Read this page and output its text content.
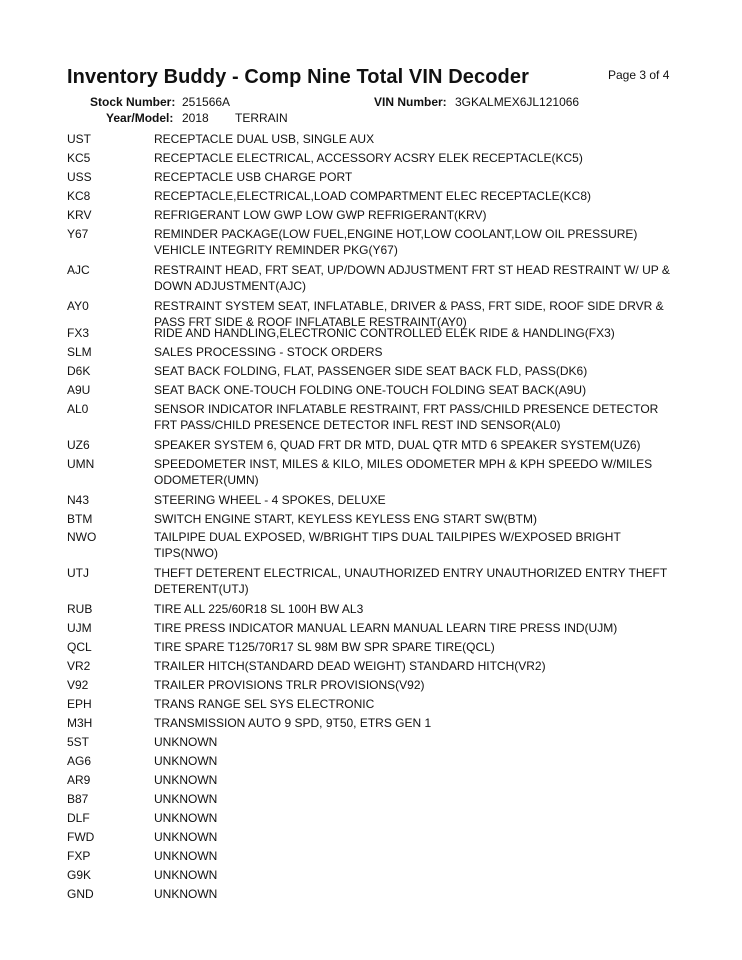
Inventory Buddy - Comp Nine Total VIN Decoder	Page 3 of 4
Stock Number: 251566A	VIN Number: 3GKALMEX6JL121066
Year/Model: 2018 TERRAIN
UST	RECEPTACLE DUAL USB, SINGLE AUX
KC5	RECEPTACLE ELECTRICAL, ACCESSORY ACSRY ELEK RECEPTACLE(KC5)
USS	RECEPTACLE USB CHARGE PORT
KC8	RECEPTACLE,ELECTRICAL,LOAD COMPARTMENT ELEC RECEPTACLE(KC8)
KRV	REFRIGERANT LOW GWP LOW GWP REFRIGERANT(KRV)
Y67	REMINDER PACKAGE(LOW FUEL,ENGINE HOT,LOW COOLANT,LOW OIL PRESSURE) VEHICLE INTEGRITY REMINDER PKG(Y67)
AJC	RESTRAINT HEAD, FRT SEAT, UP/DOWN ADJUSTMENT FRT ST HEAD RESTRAINT W/ UP & DOWN ADJUSTMENT(AJC)
AY0	RESTRAINT SYSTEM SEAT, INFLATABLE, DRIVER & PASS, FRT SIDE, ROOF SIDE DRVR & PASS FRT SIDE & ROOF INFLATABLE RESTRAINT(AY0)
FX3	RIDE AND HANDLING,ELECTRONIC CONTROLLED ELEK RIDE & HANDLING(FX3)
SLM	SALES PROCESSING - STOCK ORDERS
D6K	SEAT BACK FOLDING, FLAT, PASSENGER SIDE SEAT BACK FLD, PASS(DK6)
A9U	SEAT BACK ONE-TOUCH FOLDING ONE-TOUCH FOLDING SEAT BACK(A9U)
AL0	SENSOR INDICATOR INFLATABLE RESTRAINT, FRT PASS/CHILD PRESENCE DETECTOR FRT PASS/CHILD PRESENCE DETECTOR INFL REST IND SENSOR(AL0)
UZ6	SPEAKER SYSTEM 6, QUAD FRT DR MTD, DUAL QTR MTD 6 SPEAKER SYSTEM(UZ6)
UMN	SPEEDOMETER INST, MILES & KILO, MILES ODOMETER MPH & KPH SPEEDO W/MILES ODOMETER(UMN)
N43	STEERING WHEEL - 4 SPOKES, DELUXE
BTM	SWITCH ENGINE START, KEYLESS KEYLESS ENG START SW(BTM)
NWO	TAILPIPE DUAL EXPOSED, W/BRIGHT TIPS DUAL TAILPIPES W/EXPOSED BRIGHT TIPS(NWO)
UTJ	THEFT DETERENT ELECTRICAL, UNAUTHORIZED ENTRY UNAUTHORIZED ENTRY THEFT DETERENT(UTJ)
RUB	TIRE ALL 225/60R18 SL 100H BW AL3
UJM	TIRE PRESS INDICATOR MANUAL LEARN MANUAL LEARN TIRE PRESS IND(UJM)
QCL	TIRE SPARE T125/70R17 SL 98M BW SPR SPARE TIRE(QCL)
VR2	TRAILER HITCH(STANDARD DEAD WEIGHT) STANDARD HITCH(VR2)
V92	TRAILER PROVISIONS TRLR PROVISIONS(V92)
EPH	TRANS RANGE SEL SYS ELECTRONIC
M3H	TRANSMISSION AUTO 9 SPD, 9T50, ETRS GEN 1
5ST	UNKNOWN
AG6	UNKNOWN
AR9	UNKNOWN
B87	UNKNOWN
DLF	UNKNOWN
FWD	UNKNOWN
FXP	UNKNOWN
G9K	UNKNOWN
GND	UNKNOWN
